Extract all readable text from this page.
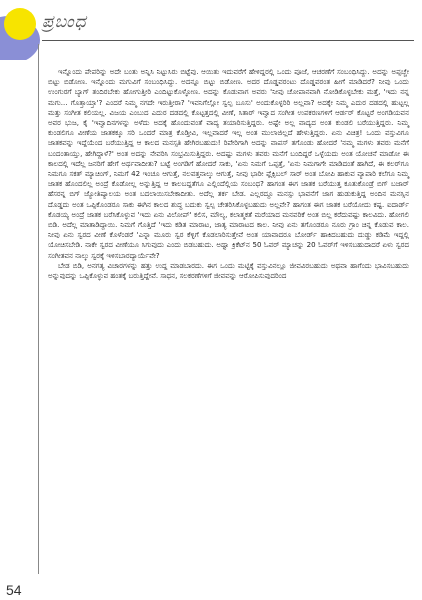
ಪ್ರಬಂಧ

ಇನ್ನೊಂದು ಪೇಪರಿನ್ನು ಅದೇ ಬಂತು ಅನ್ನಿಸಿ ನಿಟ್ಟುಸಿರು ಬಿಟ್ಟೆವು. ಆಯಿತು ಇದುವರೆಗೆ ಹೇಳಿದ್ದರಲ್ಲಿ ಒಂದು ಪೂಜೆ, ಆಚರಣೆಗೆ ಸಂಬಂಧಿಸಿದ್ದು. ಅದನ್ನು ಅಪ್ಪಚ್ಚೇ ಬಿಟ್ಟು ಬಿಡೋಣ. ಇನ್ನೊಂದು ಮಗುವಿಗೆ ಸಂಬಂಧಿಸಿದ್ದು. ಅದನ್ನೂ ಬಿಟ್ಟು ಬಿಡೋಣ. ಅದರ ದೊಡ್ಡವರಂಟು ದೊಡ್ಡವರಂತ ಹೀಗೆ ಮಾಡಿದರೆ? ನೀವು ಒಂದು ಉಂಗುರಗೆ ಬ್ಯಾಗ್ ತಂದಿರಬೇಕು ಹೋಗುತ್ತೀರಿ ಎಂದಿಟ್ಟುಕೊಳ್ಳೋಣ. ಅದನ್ನು ಕೊಡುವಾಗ ಅವರು 'ನೀವು ಚೋಪಾನವಾಗಿ ನೋಡಿಕೊಳ್ಳಬೇಕು ಮತ್ತೆ, 'ಇದು ನನ್ನ ಮಗು... ಗೊತ್ತಾಯ್ತಾ'? ಎಂದರೆ ನಿಮ್ಮ ನಗದೇ ಇರುತ್ತೀರಾ? 'ಇವನಿಗೆಲ್ಲೋ ಸ್ವಲ್ಪ ಬೂಸು' ಅಂದುಕೊಳ್ಳರಿರಿ ಅಲ್ಲವಾ? ಅದಕ್ಕೇ ನಿಮ್ಮ ಎದುರ ದಡದಲ್ಲಿ ಹುಟ್ಟಲ್ಲ ಮತ್ತು ಸಂಗೀತ ಕಲಿಯಲ್ಲ. ವಿಜಯ ಎಂಬುದ ಎದುರ ದಡದಲ್ಲಿ ಕೊಟ್ಟತ್ತದಲ್ಲಿ ವೀಣೆ, ಸಿತಾರ್ ಇವ್ವಾದ ಸಂಗೀತ ಉಪಕರಣಗಳಿಗೆ ಆರ್ಡರ್ ಕೊಟ್ಟರೆ ಅಂಗಡಿಯವನ ಅವರ ಭುಜ, ಕೈ 'ಇವ್ವಾದಿನಗಳನ್ನು ಅಳೆದು ಅದಕ್ಕೆ ಹೊಂದುವಂತೆ ವಾದ್ಯ ತಯಾರಿಸುತ್ತಿದ್ದರು. ಅಷ್ಟೇ ಅಲ್ಲ ವಾದ್ಯದ ಅಂತ ಕುಂಡಲಿ ಬರೆಯುತ್ತಿದ್ದರು. ನಿಮ್ಮ ಕುಂಡಲಿಗೂ ವೀಣೆಯ ಜಾತಕಕ್ಕೂ ಸರಿ ಒಂದರೆ ಮಾತ್ರ ಕೊಡ್ತೀವಿ, ಇಲ್ಲವಾದರೆ ಇಲ್ಲ ಅಂತ ಮುಲಾಜಿಲ್ಲದೆ ಹೇಳುತ್ತಿದ್ದರು. ಏನು ವಿಚಿತ್ರ! ಒಂದು ವಸ್ತುವಿಗೂ ಜಾತಕವನ್ನು ಇದ್ದೆಯೆಂದ ಬರೆಯುತ್ತಿದ್ದ ಆ ಕಾಲದ ಮನಸ್ಸತಿ ಹೇಗಿರಬಹುದು! ರಿಪೇರಿಗಾಗಿ ಅದನ್ನು ವಾಪಸ್ ತಗೊಂಡು ಹೋದರೆ 'ನಮ್ಮ ಮಗಳು ತವರು ಮನೆಗೆ ಬಂದಂತಾಯ್ತು, ಹೇಗಿದ್ದಾಳೆ?' ಅಂತ ಅದನ್ನು ನೇವರಿಸಿ ಸಂಭ್ರಮಿಸುತ್ತಿದ್ದರು. ಅದಷ್ಟು ಮಗಳು ತವರು ಮನೆಗೆ ಬಂದಿದ್ದರೆ ಒಳ್ಳೆಯದು ಅಂತ ಯೋಚನೆ ಮಾಡೋ ಈ ಕಾಲದಲ್ಲಿ ಇದೆಲ್ಲ ಜನರಿಗೆ ಹೇಗೆ ಅರ್ಥವಾದೀತು? ಬಟ್ಟೆ ಅಂಗಡಿಗೆ ಹೋದರೆ ಸಾಕು, 'ಏನು ನಿಮಗೆ ಒಪ್ಪತ್ತೆ, 'ಏನು ನಿಮಗಾಗೇ ಮಾಡಿದಂತೆ ಹಾಗಿದೆ, ಈ ಕಲರ್‌ಗೂ ನಿಮಗೂ ಸಕತ್ ಮ್ಯಾಚಿಂಗ್, ನಿಮಗೆ 42 ಇಂಚೂ ಆಗುತ್ತೆ, ನಲವತ್ತನಾಲ್ಕು ಆಗುತ್ತೆ, ನೀವು ಭಾರೀ ಫ್ಲೆಕ್ಸಿಬಲ್ ಸಾರ್ ಅಂತ ಬೋಪಿ ಹಾಕುವ ವ್ಯಾಪಾರಿ ಕಲೆಗೂ ನಿಮ್ಮ ಜಾತಕ ಹೊಂದಲಿಲ್ಲ ಅಂದ್ರೆ ಕೊಡೋಲ್ಲ ಅನ್ನುತ್ತಿದ್ದ ಆ ಕಾಲಬದ್ದತೆಗೂ ಎಲ್ಲಿಂದೆಲ್ಲಿಯ ಸಂಬಂಧ? ಹಾಗಂತ ಈಗ ಜಾತಕ ಬರೆಯುತ್ತ ಕೂತುಕೊಂಡ್ರೆ ಬಿಗ್ ಬಜಾರ್ ಹೆಸರನ್ನ ಬಿಗ್ ಜ್ಯೋತಿಷ್ಯಾಲಯ ಅಂತ ಬದಲಾಯಿಸಬೇಕಾದೀತು. ಅದೆಲ್ಲ ತರ್ಕ ಬೇಡ. ಎಲ್ಲರದ್ದೂ ಮನಸ್ಸು ಭಾವನೆಗೆ ಜಾಗ ಹುಡುಕುತ್ತಿದ್ದ ಅಂದಿನ ಮನಸ್ಸಿನ ದೊಡ್ಡದು ಅಂತ ಒಪ್ಪಿಕೊಂಡರೂ ಸಾಕು ಈಗಿನ ಕಾಲದ ಶುದ್ಧ ಬದುಕು ಸ್ವಲ್ಪ ಚೇತರಿಸಿಕೊಳ್ಳಬಹುದು ಅಲ್ಲವೇ? ಹಾಗಂತ ಈಗ ಜಾತಕ ಬರೆಯೋದು ಕಷ್ಟ. ಐದಾರ್ಡ್‌ ಕೊಡಯ್ಯ ಅಂದ್ರೆ ಜಾತಕ ಬರೆಸಿಕೊಳ್ಳುವ 'ಇದು ಏನು ವಿಲೋಪ್' ಕಲಿಸ, ಮೌಲ್ಯ, ಕಲಾತ್ಮಕತೆ ಮರೆಯಾದ ಮನವರಿಕೆ ಅಂತ ಬಿಲ್ಲ ಕರೆದುವಷ್ಟು ಕಾಲವಿದು. ಹೋಗಲಿ ಬಿಡಿ. ಅದೆಲ್ಲ ಮಾತಾಡಿದ್ದಾಯಿ. ನಿಮಗೆ ಗೊತ್ತಿದೆ 'ಇದು ಕಡಿತ ಮಾರಾಟ, ಜಾತ್ಯ ಮಾರಾಟದ ಕಾಲ. ನೀವು ಏನು ತಗೊಂಡರೂ ನೂರು ಗ್ರಾಂ ಚಿನ್ನ ಕೊಡುವ ಕಾಲ. ನೀವು ಏನು ಸ್ವರದ ವೀಣೆ ಕೊಳೆಂಡರೆ 'ಎನ್ನಾ ಮೂರು ಸ್ವರ ಕೆಳ್ಳಿಗೆ ಕೊಡಲಾರಿಸುತ್ತೇವೆ ಅಂತ ಯಾವಾದರೂ ಬೋರ್ಡ್ ಹಾಕಿದಬಹುದು ದುಡ್ಡು ಕಡಿಮೆ ಇದ್ದಲ್ಲಿ ಯೋಚಿಸಬೇಡಿ. ನಾಕೇ ಸ್ವರದ ವೀಣೆಯೂ ಸಿಗುವುದು ಎಂದು ಬಿಡಬಹುದು. ಅಥ್ವಾ ಕ್ರಿಕೆಟ್‌ನ 50 ಓವರ್ ಮ್ಯಾಚನ್ನು 20 ಓವರ್‌ಗೆ ಇಳಿಸಬಹುದಾದರೆ ಏಳು ಸ್ವರದ ಸಂಗೀತವನ ನಾಲ್ಕು ಸ್ವರಕ್ಕೆ ಇಳಿಸಬಾರದ್ಯಾರ್ಯೆವೇ?

ಬೇಡ ಬಿಡಿ, ಅನಗತ್ಯ ವಿಚಾರಗಳನ್ನು ಹತ್ತು ಉದ್ದ ಮಾಡಬಾರದು. ಈಗ ಒಂದು ಮಟ್ಟಿಕ್ಕೆ ವಸ್ತುವಿನಲ್ಲೂ ಜೀವವಿರಬಹುದು ಅಥವಾ ಹಾಗೆಂದು ಭಾವಿಸಬಹುದು ಅನ್ನುವುದನ್ನು ಒಪ್ಪಿಕೊಳ್ಳುವ ಹಂತಕ್ಕೆ ಬರುತ್ತಿದ್ದೇವೆ. ಸಾಧನ, ಸಲಕರಣೆಗಳಿಗೆ ಜೀವವನ್ನು ಆರೋಪಿಸುವುದರಿಂದ

54
